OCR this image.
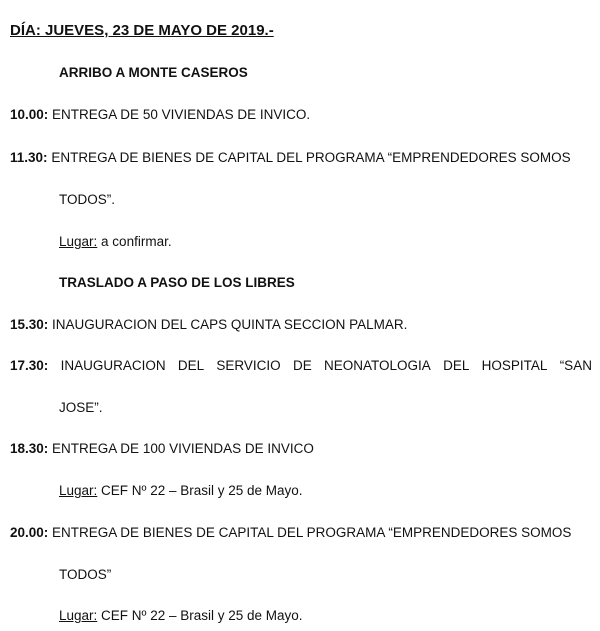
DÍA: JUEVES, 23 DE MAYO DE 2019.-
ARRIBO A MONTE CASEROS
10.00: ENTREGA DE 50 VIVIENDAS DE INVICO.
11.30: ENTREGA DE BIENES DE CAPITAL DEL PROGRAMA “EMPRENDEDORES SOMOS
TODOS”.
Lugar: a confirmar.
TRASLADO A PASO DE LOS LIBRES
15.30: INAUGURACION DEL CAPS QUINTA SECCION PALMAR.
17.30: INAUGURACION DEL SERVICIO DE NEONATOLOGIA DEL HOSPITAL “SAN
JOSE”.
18.30: ENTREGA DE 100 VIVIENDAS DE INVICO
Lugar: CEF Nº 22 – Brasil y 25 de Mayo.
20.00: ENTREGA DE BIENES DE CAPITAL DEL PROGRAMA “EMPRENDEDORES SOMOS
TODOS”
Lugar: CEF Nº 22 – Brasil y 25 de Mayo.
